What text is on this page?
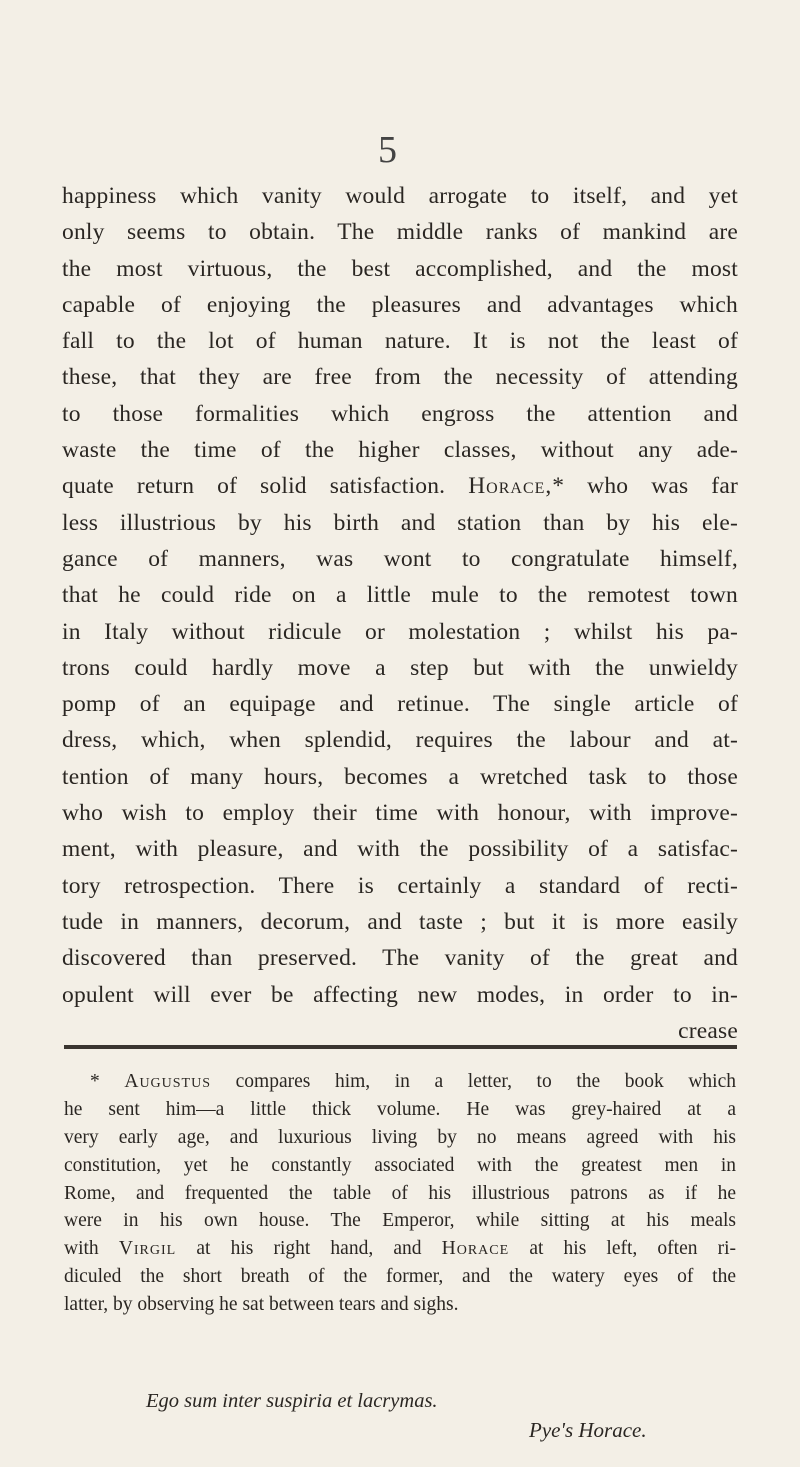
5
happiness which vanity would arrogate to itself, and yet
only seems to obtain. The middle ranks of mankind are
the most virtuous, the best accomplished, and the most
capable of enjoying the pleasures and advantages which
fall to the lot of human nature. It is not the least of
these, that they are free from the necessity of attending
to those formalities which engross the attention and
waste the time of the higher classes, without any ade-
quate return of solid satisfaction. Horace,* who was far
less illustrious by his birth and station than by his ele-
gance of manners, was wont to congratulate himself,
that he could ride on a little mule to the remotest town
in Italy without ridicule or molestation ; whilst his pa-
trons could hardly move a step but with the unwieldy
pomp of an equipage and retinue. The single article of
dress, which, when splendid, requires the labour and at-
tention of many hours, becomes a wretched task to those
who wish to employ their time with honour, with improve-
ment, with pleasure, and with the possibility of a satisfac-
tory retrospection. There is certainly a standard of recti-
tude in manners, decorum, and taste ; but it is more easily
discovered than preserved. The vanity of the great and
opulent will ever be affecting new modes, in order to in-
crease
* Augustus compares him, in a letter, to the book which
he sent him—a little thick volume. He was grey-haired at a
very early age, and luxurious living by no means agreed with his
constitution, yet he constantly associated with the greatest men in
Rome, and frequented the table of his illustrious patrons as if he
were in his own house. The Emperor, while sitting at his meals
with Virgil at his right hand, and Horace at his left, often ri-
diculed the short breath of the former, and the watery eyes of the
latter, by observing he sat between tears and sighs.
Ego sum inter suspiria et lacrymas.
Pye's Horace.
